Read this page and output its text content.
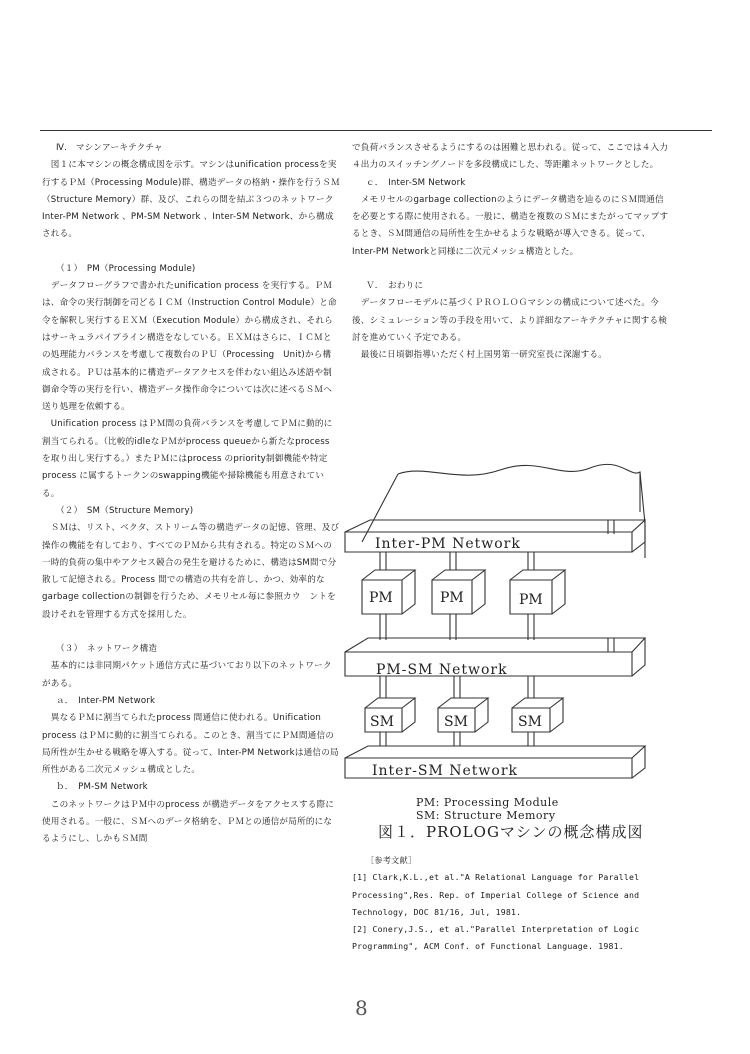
Ⅳ.　マシンアーキテクチャ

　図１に本マシンの概念構成図を示す。マシンはunification processを実行するＰＭ（Processing Module)群、構造データの格納・操作を行うＳＭ（Structure Memory）群、及び、これらの間を結ぶ３つのネットワーク　Inter-PM Network 、PM-SM Network 、Inter-SM Network、から構成される。

（１）　PM（Processing Module)

　データフローグラフで書かれたunification process を実行する。ＰＭは、命令の実行制御を司どるＩＣＭ（Instruction Control Module）と命令を解釈し実行するＥＸＭ（Execution Module）から構成され、それらはサーキュラパイプライン構造をなしている。ＥＸＭはさらに、ＩＣＭとの処理能力バランスを考慮して複数台のＰＵ（Processing　Unit)から構成される。ＰＵは基本的に構造データアクセスを伴わない組込み述語や制御命令等の実行を行い、構造データ操作命令については次に述べるＳＭへ送り処理を依頼する。

　Unification process はＰＭ間の負荷バランスを考慮してＰＭに動的に割当てられる。（比較的idleなＰＭがprocess queueから新たなprocess を取り出し実行する。）またＰＭにはprocess のpriority制御機能や特定process に属するトークンのswapping機能や掃除機能も用意されている。

（２）　SM（Structure Memory)

　ＳＭは、リスト、ベクタ、ストリーム等の構造データの記憶、管理、及び操作の機能を有しており、すべてのＰＭから共有される。特定のＳＭへの一時的負荷の集中やアクセス競合の発生を避けるために、構造はSM間で分散して記憶される。Process 間での構造の共有を許し、かつ、効率的なgarbage collectionの制御を行うため、メモリセル毎に参照カウ　ントを設けそれを管理する方式を採用した。

（３）　ネットワーク構造

　基本的には非同期パケット通信方式に基づいており以下のネットワークがある。

ａ．　Inter-PM Network

　異なるＰＭに割当てられたprocess 間通信に使われる。Unification process はＰＭに動的に割当てられる。このとき、割当てにＰＭ間通信の局所性が生かせる戦略を導入する。従って、Inter-PM Networkは通信の局所性がある二次元メッシュ構成とした。

ｂ．　PM-SM Network

　このネットワークはＰＭ中のprocess が構造データをアクセスする際に使用される。一般に、ＳＭへのデータ格納を、ＰＭとの通信が局所的になるようにし、しかもＳＭ間

で負荷バランスさせるようにするのは困難と思われる。従って、ここでは４入力４出力のスイッチングノードを多段構成にした、等距離ネットワークとした。

ｃ．　Inter-SM Network

　メモリセルのgarbage collectionのようにデータ構造を辿るのにＳＭ間通信を必要とする際に使用される。一般に、構造を複数のＳＭにまたがってマップするとき、ＳＭ間通信の局所性を生かせるような戦略が導入できる。従って、Inter-PM Networkと同様に二次元メッシュ構造とした。

Ｖ．　おわりに

　データフローモデルに基づくＰＲＯＬＯＧマシンの構成について述べた。今後、シミュレーション等の手段を用いて、より詳細なアーキテクチャに関する検討を進めていく予定である。

　最後に日頃御指導いただく村上国男第一研究室長に深謝する。

Inter-PM Network
PM-SM Network
Inter-SM Network
PM	PM	PM
SM	SM	SM
PM: Processing Module
SM: Structure Memory
図１．PROLOGマシンの概念構成図

［参考文献］

[1] Clark,K.L.,et al."A Relational Language for Parallel Processing",Res. Rep. of Imperial College of Science and Technology, DOC 81/16, Jul, 1981.

[2] Conery,J.S., et al."Parallel Interpretation of Logic Programming", ACM Conf. of Functional Language. 1981.

8
